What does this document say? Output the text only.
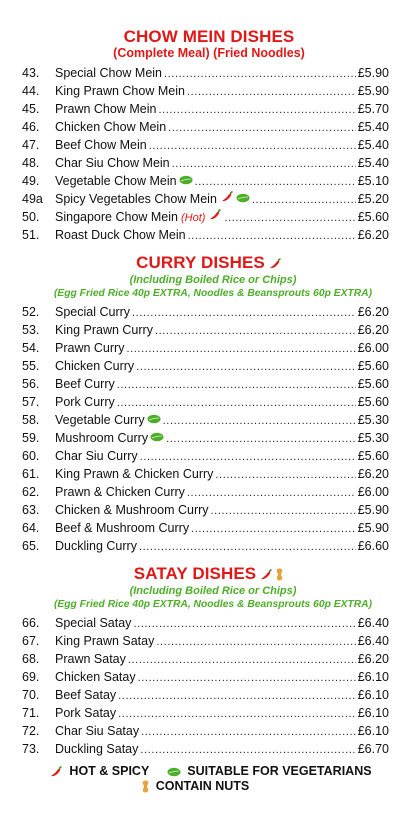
CHOW MEIN DISHES
(Complete Meal) (Fried Noodles)
43.	Special Chow Mein .....	£5.90
44.	King Prawn Chow Mein .....	£5.90
45.	Prawn Chow Mein .....	£5.70
46.	Chicken Chow Mein .....	£5.40
47.	Beef Chow Mein .....	£5.40
48.	Char Siu Chow Mein .....	£5.40
49.	Vegetable Chow Mein .....	£5.10
49a Spicy Vegetables Chow Mein .....	£5.20
50.	Singapore Chow Mein (Hot) .....	£5.60
51.	Roast Duck Chow Mein .....	£6.20
CURRY DISHES
(Including Boiled Rice or Chips)
(Egg Fried Rice 40p EXTRA, Noodles & Beansprouts 60p EXTRA)
52.	Special Curry .....	£6.20
53.	King Prawn Curry .....	£6.20
54.	Prawn Curry .....	£6.00
55.	Chicken Curry .....	£5.60
56.	Beef Curry .....	£5.60
57.	Pork Curry .....	£5.60
58.	Vegetable Curry .....	£5.30
59.	Mushroom Curry .....	£5.30
60.	Char Siu Curry .....	£5.60
61.	King Prawn & Chicken Curry .....	£6.20
62.	Prawn & Chicken Curry .....	£6.00
63.	Chicken & Mushroom Curry .....	£5.90
64.	Beef & Mushroom Curry .....	£5.90
65.	Duckling Curry .....	£6.60
SATAY DISHES
(Including Boiled Rice or Chips)
(Egg Fried Rice 40p EXTRA, Noodles & Beansprouts 60p EXTRA)
66.	Special Satay .....	£6.40
67.	King Prawn Satay .....	£6.40
68.	Prawn Satay .....	£6.20
69.	Chicken Satay .....	£6.10
70.	Beef Satay .....	£6.10
71.	Pork Satay .....	£6.10
72.	Char Siu Satay .....	£6.10
73.	Duckling Satay .....	£6.70
HOT & SPICY	SUITABLE FOR VEGETARIANS
CONTAIN NUTS
